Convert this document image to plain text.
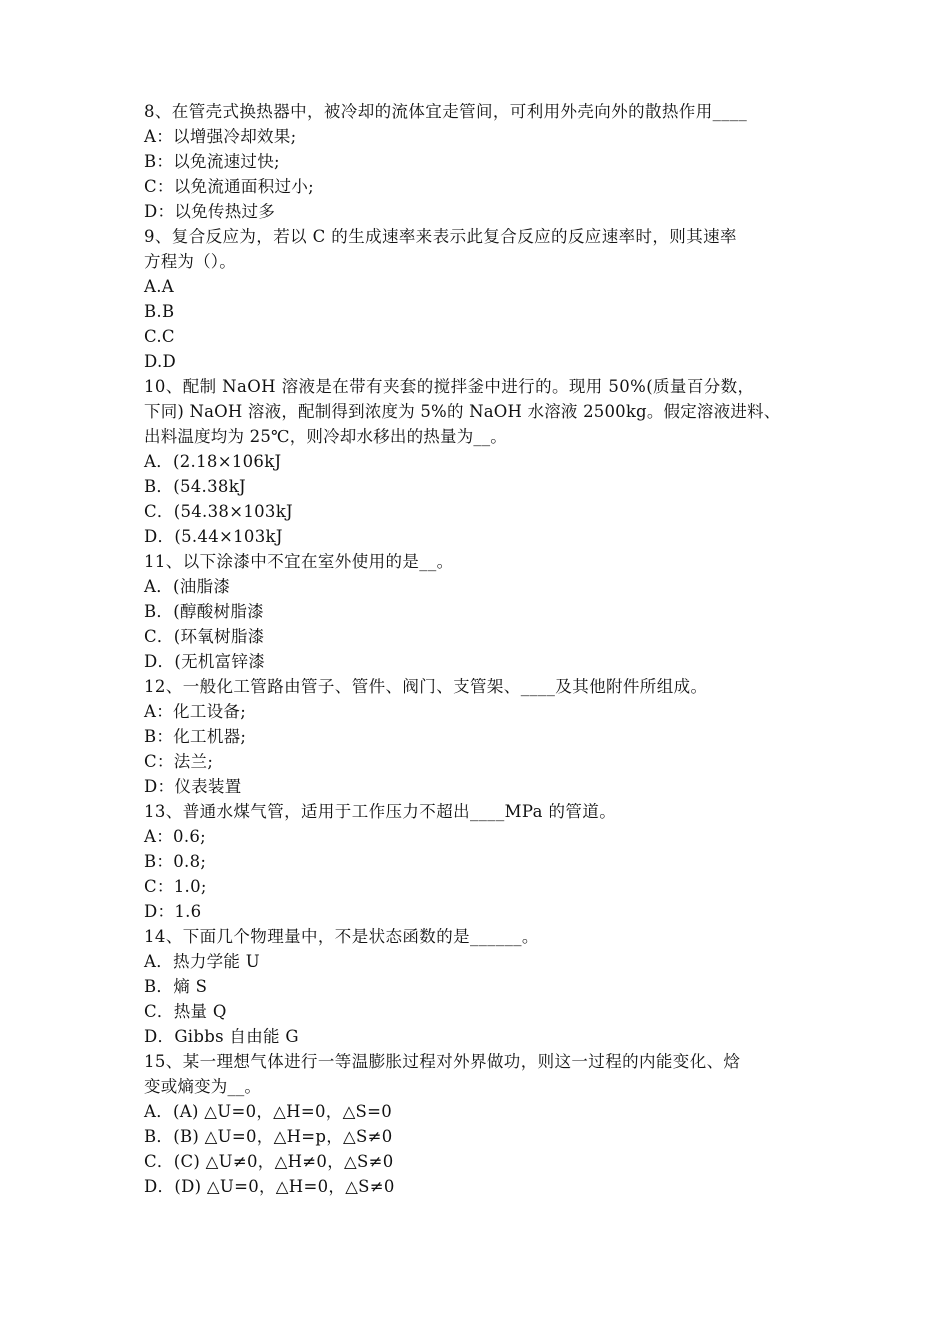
8、在管壳式换热器中，被冷却的流体宜走管间，可利用外壳向外的散热作用____
A：以增强冷却效果;
B：以免流速过快;
C：以免流通面积过小;
D：以免传热过多
9、复合反应为，若以 C 的生成速率来表示此复合反应的反应速率时，则其速率
方程为（）。
A.A
B.B
C.C
D.D
10、配制 NaOH 溶液是在带有夹套的搅拌釜中进行的。现用 50%(质量百分数，
下同) NaOH 溶液，配制得到浓度为 5%的 NaOH 水溶液 2500kg。假定溶液进料、
出料温度均为 25℃，则冷却水移出的热量为__。
A．(2.18×106kJ
B．(54.38kJ
C．(54.38×103kJ
D．(5.44×103kJ
11、以下涂漆中不宜在室外使用的是__。
A．(油脂漆
B．(醇酸树脂漆
C．(环氧树脂漆
D．(无机富锌漆
12、一般化工管路由管子、管件、阀门、支管架、____及其他附件所组成。
A：化工设备;
B：化工机器;
C：法兰;
D：仪表装置
13、普通水煤气管，适用于工作压力不超出____MPa 的管道。
A：0.6;
B：0.8;
C：1.0;
D：1.6
14、下面几个物理量中，不是状态函数的是______。
A．热力学能 U
B．熵 S
C．热量 Q
D．Gibbs 自由能 G
15、某一理想气体进行一等温膨胀过程对外界做功，则这一过程的内能变化、焓
变或熵变为__。
A．(A) △U=0，△H=0，△S=0
B．(B) △U=0，△H=p，△S≠0
C．(C) △U≠0，△H≠0，△S≠0
D．(D) △U=0，△H=0，△S≠0
